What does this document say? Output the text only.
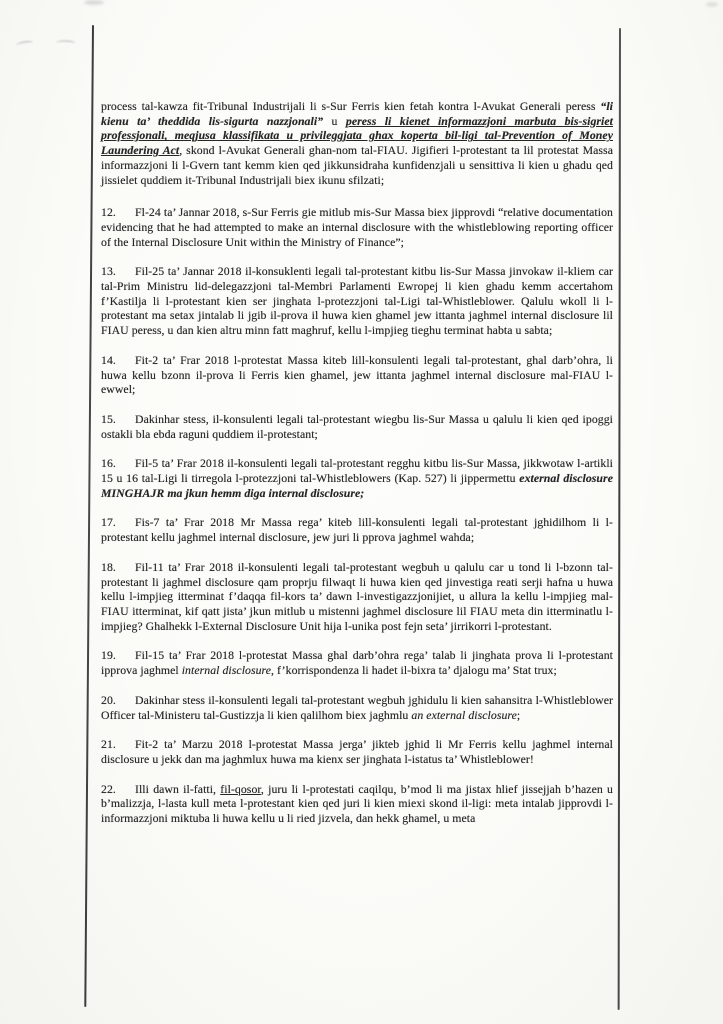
process tal-kawza fit-Tribunal Industrijali li s-Sur Ferris kien fetah kontra l-Avukat Generali peress “li kienu ta’ theddida lis-sigurta nazzjonali” u peress li kienet informazzjoni marbuta bis-sigriet professjonali, meqjusa klassifikata u privileggjata ghax koperta bil-ligi tal-Prevention of Money Laundering Act, skond l-Avukat Generali ghan-nom tal-FIAU. Jigifieri l-protestant ta lil protestat Massa informazzjoni li l-Gvern tant kemm kien qed jikkunsidraha kunfidenzjali u sensittiva li kien u ghadu qed jissielet quddiem it-Tribunal Industrijali biex ikunu sfilzati;
12. Fl-24 ta’ Jannar 2018, s-Sur Ferris gie mitlub mis-Sur Massa biex jipprovdi “relative documentation evidencing that he had attempted to make an internal disclosure with the whistleblowing reporting officer of the Internal Disclosure Unit within the Ministry of Finance”;
13. Fil-25 ta’ Jannar 2018 il-konsuklenti legali tal-protestant kitbu lis-Sur Massa jinvokaw il-kliem car tal-Prim Ministru lid-delegazzjoni tal-Membri Parlamenti Ewropej li kien ghadu kemm accertahom f’Kastilja li l-protestant kien ser jinghata l-protezzjoni tal-Ligi tal-Whistleblower. Qalulu wkoll li l-protestant ma setax jintalab li jgib il-prova il huwa kien ghamel jew ittanta jaghmel internal disclosure lil FIAU peress, u dan kien altru minn fatt maghruf, kellu l-impjieg tieghu terminat habta u sabta;
14. Fit-2 ta’ Frar 2018 l-protestat Massa kiteb lill-konsulenti legali tal-protestant, ghal darb’ohra, li huwa kellu bzonn il-prova li Ferris kien ghamel, jew ittanta jaghmel internal disclosure mal-FIAU l-ewwel;
15. Dakinhar stess, il-konsulenti legali tal-protestant wiegbu lis-Sur Massa u qalulu li kien qed ipoggi ostakli bla ebda raguni quddiem il-protestant;
16. Fil-5 ta’ Frar 2018 il-konsulenti legali tal-protestant regghu kitbu lis-Sur Massa, jikkwotaw l-artikli 15 u 16 tal-Ligi li tirregola l-protezzjoni tal-Whistleblowers (Kap. 527) li jippermettu external disclosure MINGHAJR ma jkun hemm diga internal disclosure;
17. Fis-7 ta’ Frar 2018 Mr Massa rega’ kiteb lill-konsulenti legali tal-protestant jghidilhom li l-protestant kellu jaghmel internal disclosure, jew juri li pprova jaghmel wahda;
18. Fil-11 ta’ Frar 2018 il-konsulenti legali tal-protestant wegbuh u qalulu car u tond li l-bzonn tal-protestant li jaghmel disclosure qam proprju filwaqt li huwa kien qed jinvestiga reati serji hafna u huwa kellu l-impjieg itterminat f’daqqa fil-kors ta’ dawn l-investigazzjonijiet, u allura la kellu l-impjieg mal-FIAU itterminat, kif qatt jista’ jkun mitlub u mistenni jaghmel disclosure lil FIAU meta din itterminatlu l-impjieg? Ghalhekk l-External Disclosure Unit hija l-unika post fejn seta’ jirrikorri l-protestant.
19. Fil-15 ta’ Frar 2018 l-protestat Massa ghal darb’ohra rega’ talab li jinghata prova li l-protestant ipprova jaghmel internal disclosure, f’korrispondenza li hadet il-bixra ta’ djalogu ma’ Stat trux;
20. Dakinhar stess il-konsulenti legali tal-protestant wegbuh jghidulu li kien sahansitra l-Whistleblower Officer tal-Ministeru tal-Gustizzja li kien qalilhom biex jaghmlu an external disclosure;
21. Fit-2 ta’ Marzu 2018 l-protestat Massa jerga’ jikteb jghid li Mr Ferris kellu jaghmel internal disclosure u jekk dan ma jaghmlux huwa ma kienx ser jinghata l-istatus ta’ Whistleblower!
22. Illi dawn il-fatti, fil-qosor, juru li l-protestati caqilqu, b’mod li ma jistax hlief jissejjah b’hazen u b’malizzja, l-lasta kull meta l-protestant kien qed juri li kien miexi skond il-ligi: meta intalab jipprovdi l-informazzjoni miktuba li huwa kellu u li ried jizvela, dan hekk ghamel, u meta
